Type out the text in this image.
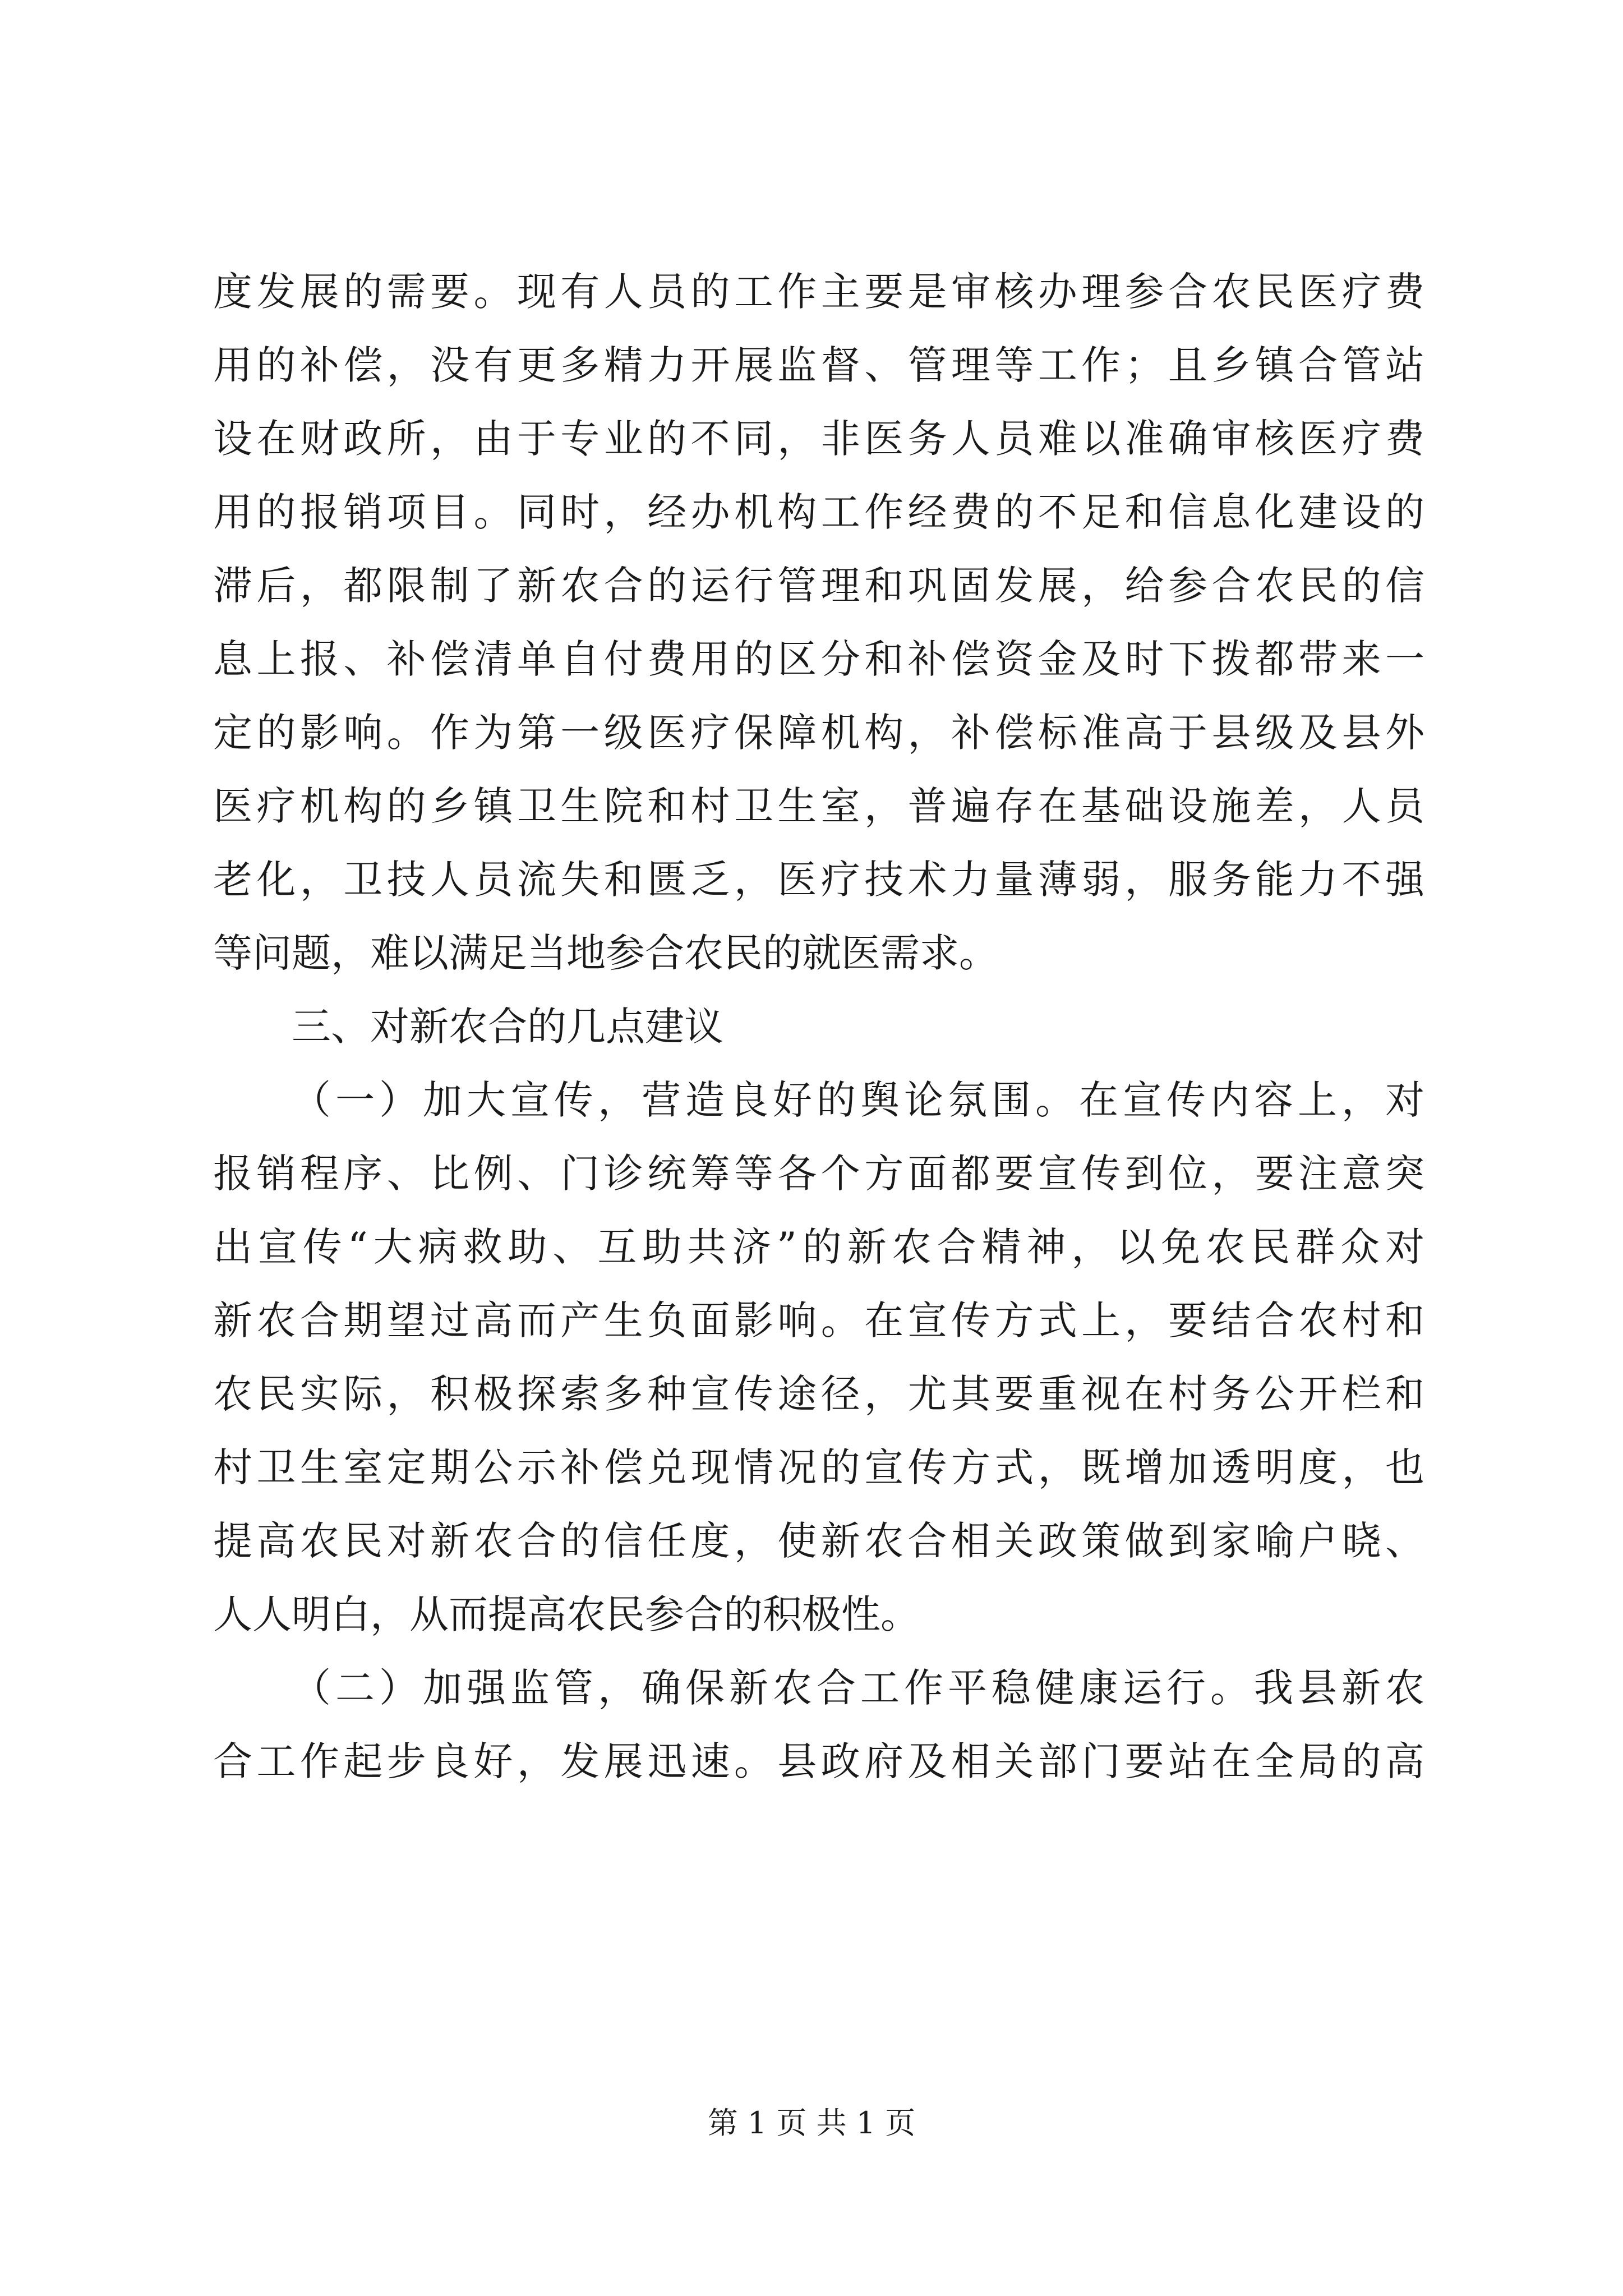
度发展的需要。现有人员的工作主要是审核办理参合农民医疗费
用的补偿，没有更多精力开展监督、管理等工作；且乡镇合管站
设在财政所，由于专业的不同，非医务人员难以准确审核医疗费
用的报销项目。同时，经办机构工作经费的不足和信息化建设的
滞后，都限制了新农合的运行管理和巩固发展，给参合农民的信
息上报、补偿清单自付费用的区分和补偿资金及时下拨都带来一
定的影响。作为第一级医疗保障机构，补偿标准高于县级及县外
医疗机构的乡镇卫生院和村卫生室，普遍存在基础设施差，人员
老化，卫技人员流失和匮乏，医疗技术力量薄弱，服务能力不强
等问题，难以满足当地参合农民的就医需求。
三、对新农合的几点建议
（一）加大宣传，营造良好的舆论氛围。在宣传内容上，对
报销程序、比例、门诊统筹等各个方面都要宣传到位，要注意突
出宣传“大病救助、互助共济”的新农合精神，以免农民群众对
新农合期望过高而产生负面影响。在宣传方式上，要结合农村和
农民实际，积极探索多种宣传途径，尤其要重视在村务公开栏和
村卫生室定期公示补偿兑现情况的宣传方式，既增加透明度，也
提高农民对新农合的信任度，使新农合相关政策做到家喻户晓、
人人明白，从而提高农民参合的积极性。
（二）加强监管，确保新农合工作平稳健康运行。我县新农
合工作起步良好，发展迅速。县政府及相关部门要站在全局的高
第 1 页 共 1 页
